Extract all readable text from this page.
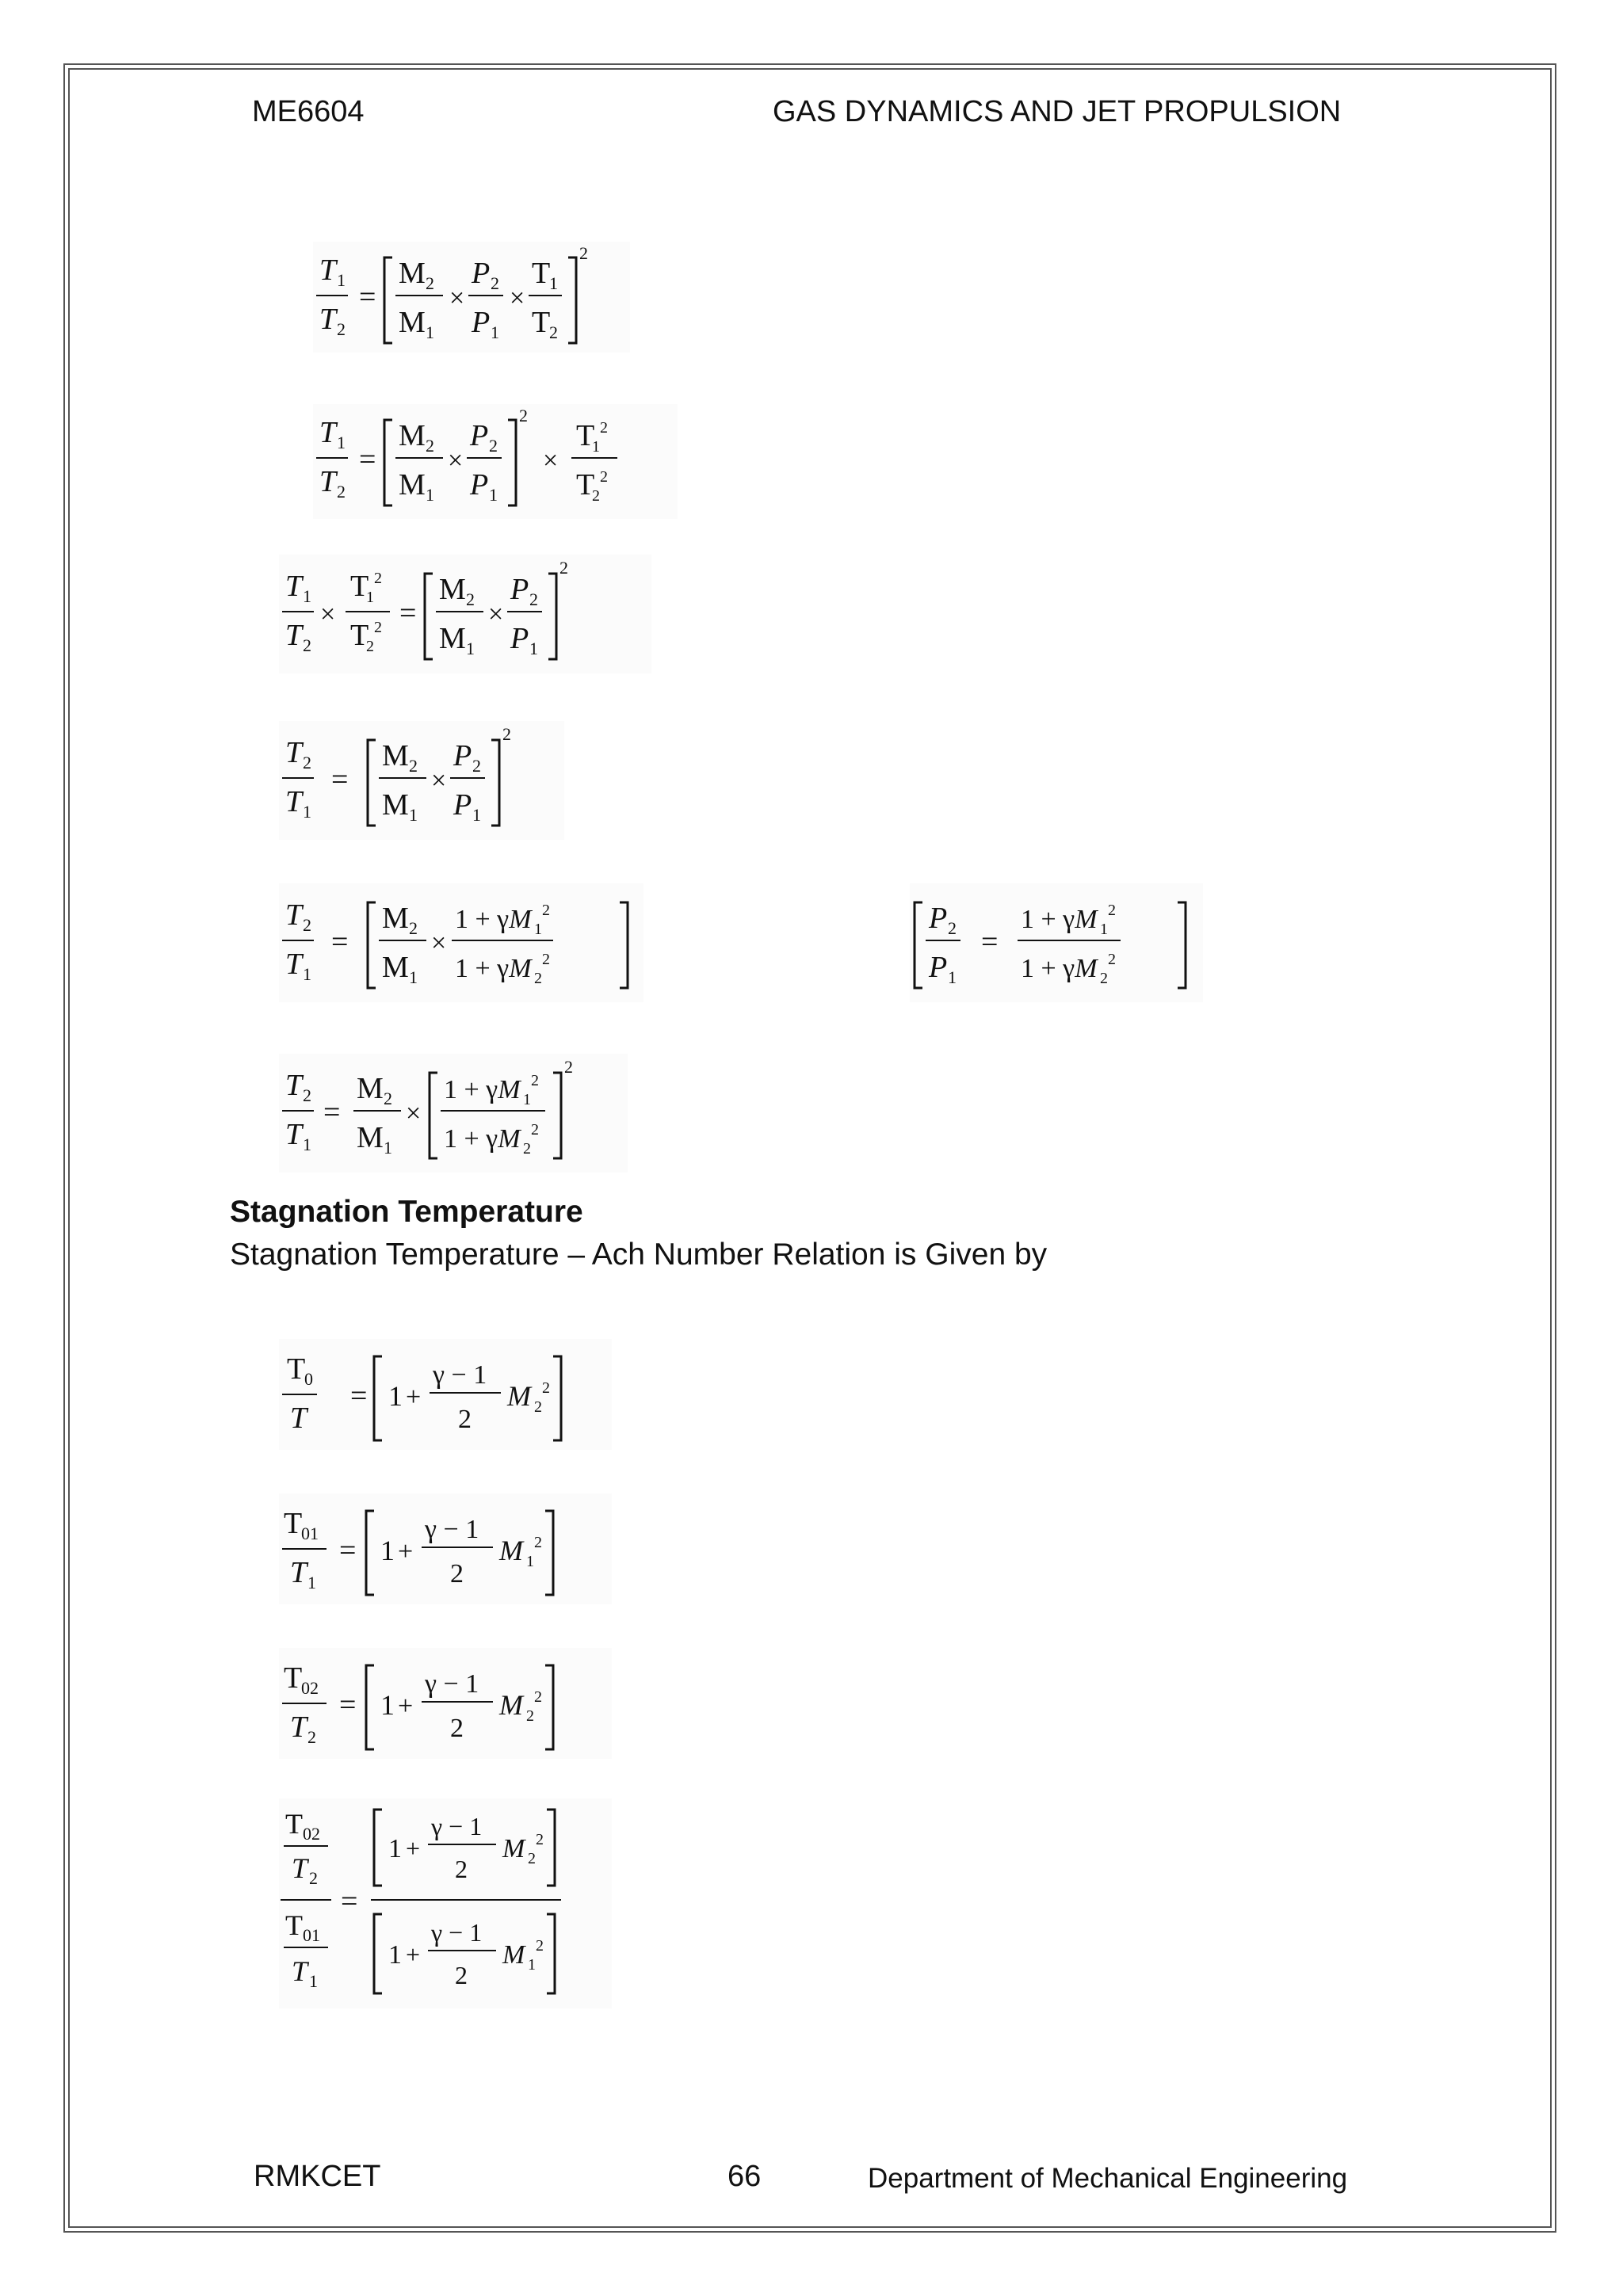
ME6604	GAS DYNAMICS AND JET PROPULSION
T 1
T 2
=
M 2
M 1
×
P 2
P 1
×
T
1
T
2
2
T 1
T 2
=
M 2
M 1
×
P 2
P 1
2
×
T
1
2
T
2
2
T 1
T 2
×
T
1
2
T
2
2 =
M 2
M 1
×
P 2
P 1
2
T 2
T 1
=
M 2
M 1
×
P 2
P 1
2
T 2
T 1
=
M 2
M 1
×
1 + γM 1
2
1 + γM 2
2
P 2
P 1
=
1 + γM 1
2
1 + γM 2
2
T 2
T 1
=
M 2
M 1
×
1 + γM 1
2
1 + γM 2
2
2
Stagnation Temperature
Stagnation Temperature – Ach Number Relation is Given by
T
0
T
= 1 +
γ − 1
2
M 2
2
T
01
T 1
= 1 +
γ − 1
2
M 1
2
T
02
T 2
= 1 +
γ − 1
2
M 2
2
T 02
T 2
T 01
T 1
=
1 +
γ − 1
2
M 2
2
1 +
γ − 1
2
M 1
2
RMKCET	66	Department of Mechanical Engineering
